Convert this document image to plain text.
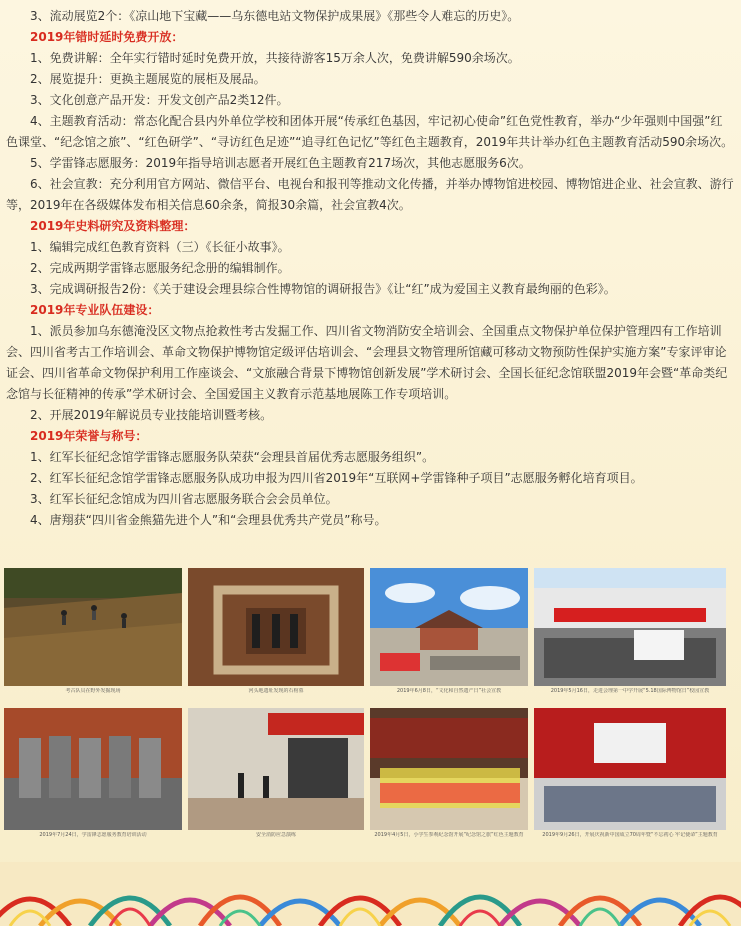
3、流动展览2个：《凉山地下宝藏——乌东德电站文物保护成果展》《那些令人难忘的历史》。

2019年错时延时免费开放：

1、免费讲解：全年实行错时延时免费开放，共接待游客15万余人次，免费讲解590余场次。

2、展览提升：更换主题展览的展柜及展品。

3、文化创意产品开发：开发文创产品2类12件。

4、主题教育活动：常态化配合县内外单位学校和团体开展“传承红色基因，牢记初心使命”红色党性教育，举办“少年强则中国强”红色课堂、“纪念馆之旅”、“红色研学”、“寻访红色足迹”“追寻红色记忆”等红色主题教育，2019年共计举办红色主题教育活动590余场次。

5、学雷锋志愿服务：2019年指导培训志愿者开展红色主题教育217场次，其他志愿服务6次。

6、社会宣教：充分利用官方网站、微信平台、电视台和报刊等推动文化传播，并举办博物馆进校园、博物馆进企业、社会宣教、游行等，2019年在各级媒体发布相关信息60余条，简报30余篇，社会宣教4次。

2019年史料研究及资料整理：

1、编辑完成红色教育资料（三）《长征小故事》。

2、完成两期学雷锋志愿服务纪念册的编辑制作。

3、完成调研报告2份：《关于建设会理县综合性博物馆的调研报告》《让“红”成为爱国主义教育最绚丽的色彩》。

2019年专业队伍建设：

1、派员参加乌东德淹没区文物点抢救性考古发掘工作、四川省文物消防安全培训会、全国重点文物保护单位保护管理四有工作培训会、四川省考古工作培训会、革命文物保护博物馆定级评估培训会、“会理县文物管理所馆藏可移动文物预防性保护实施方案”专家评审论证会、四川省革命文物保护利用工作座谈会、“文旅融合背景下博物馆创新发展”学术研讨会、全国长征纪念馆联盟2019年会暨“革命类纪念馆与长征精神的传承”学术研讨会、全国爱国主义教育示范基地展陈工作专项培训。

2、开展2019年解说员专业技能培训暨考核。

2019年荣誉与称号：

1、红军长征纪念馆学雷锋志愿服务队荣获“会理县首届优秀志愿服务组织”。

2、红军长征纪念馆学雷锋志愿服务队成功申报为四川省2019年“互联网+学雷锋种子项目”志愿服务孵化培育项目。

3、红军长征纪念馆成为四川省志愿服务联合会会员单位。

4、唐翔获“四川省金熊猫先进个人”和“会理县优秀共产党员”称号。

考古队员在野外发掘现场	河头地遗址发现的石棺墓	2019年6月8日，“文化和自然遗产日”社会宣教	2019年5月16日，走进会理第一中学开展“5.18国际博物馆日”校园宣教
2019年7月24日，学雷锋志愿服务教育培训活动	安全消防应急演练	2019年4月5日，小学生参观纪念馆开展“纪念馆之旅”红色主题教育	2019年9月26日，开展庆祝新中国成立70周年暨“不忘初心 牢记使命”主题教育
